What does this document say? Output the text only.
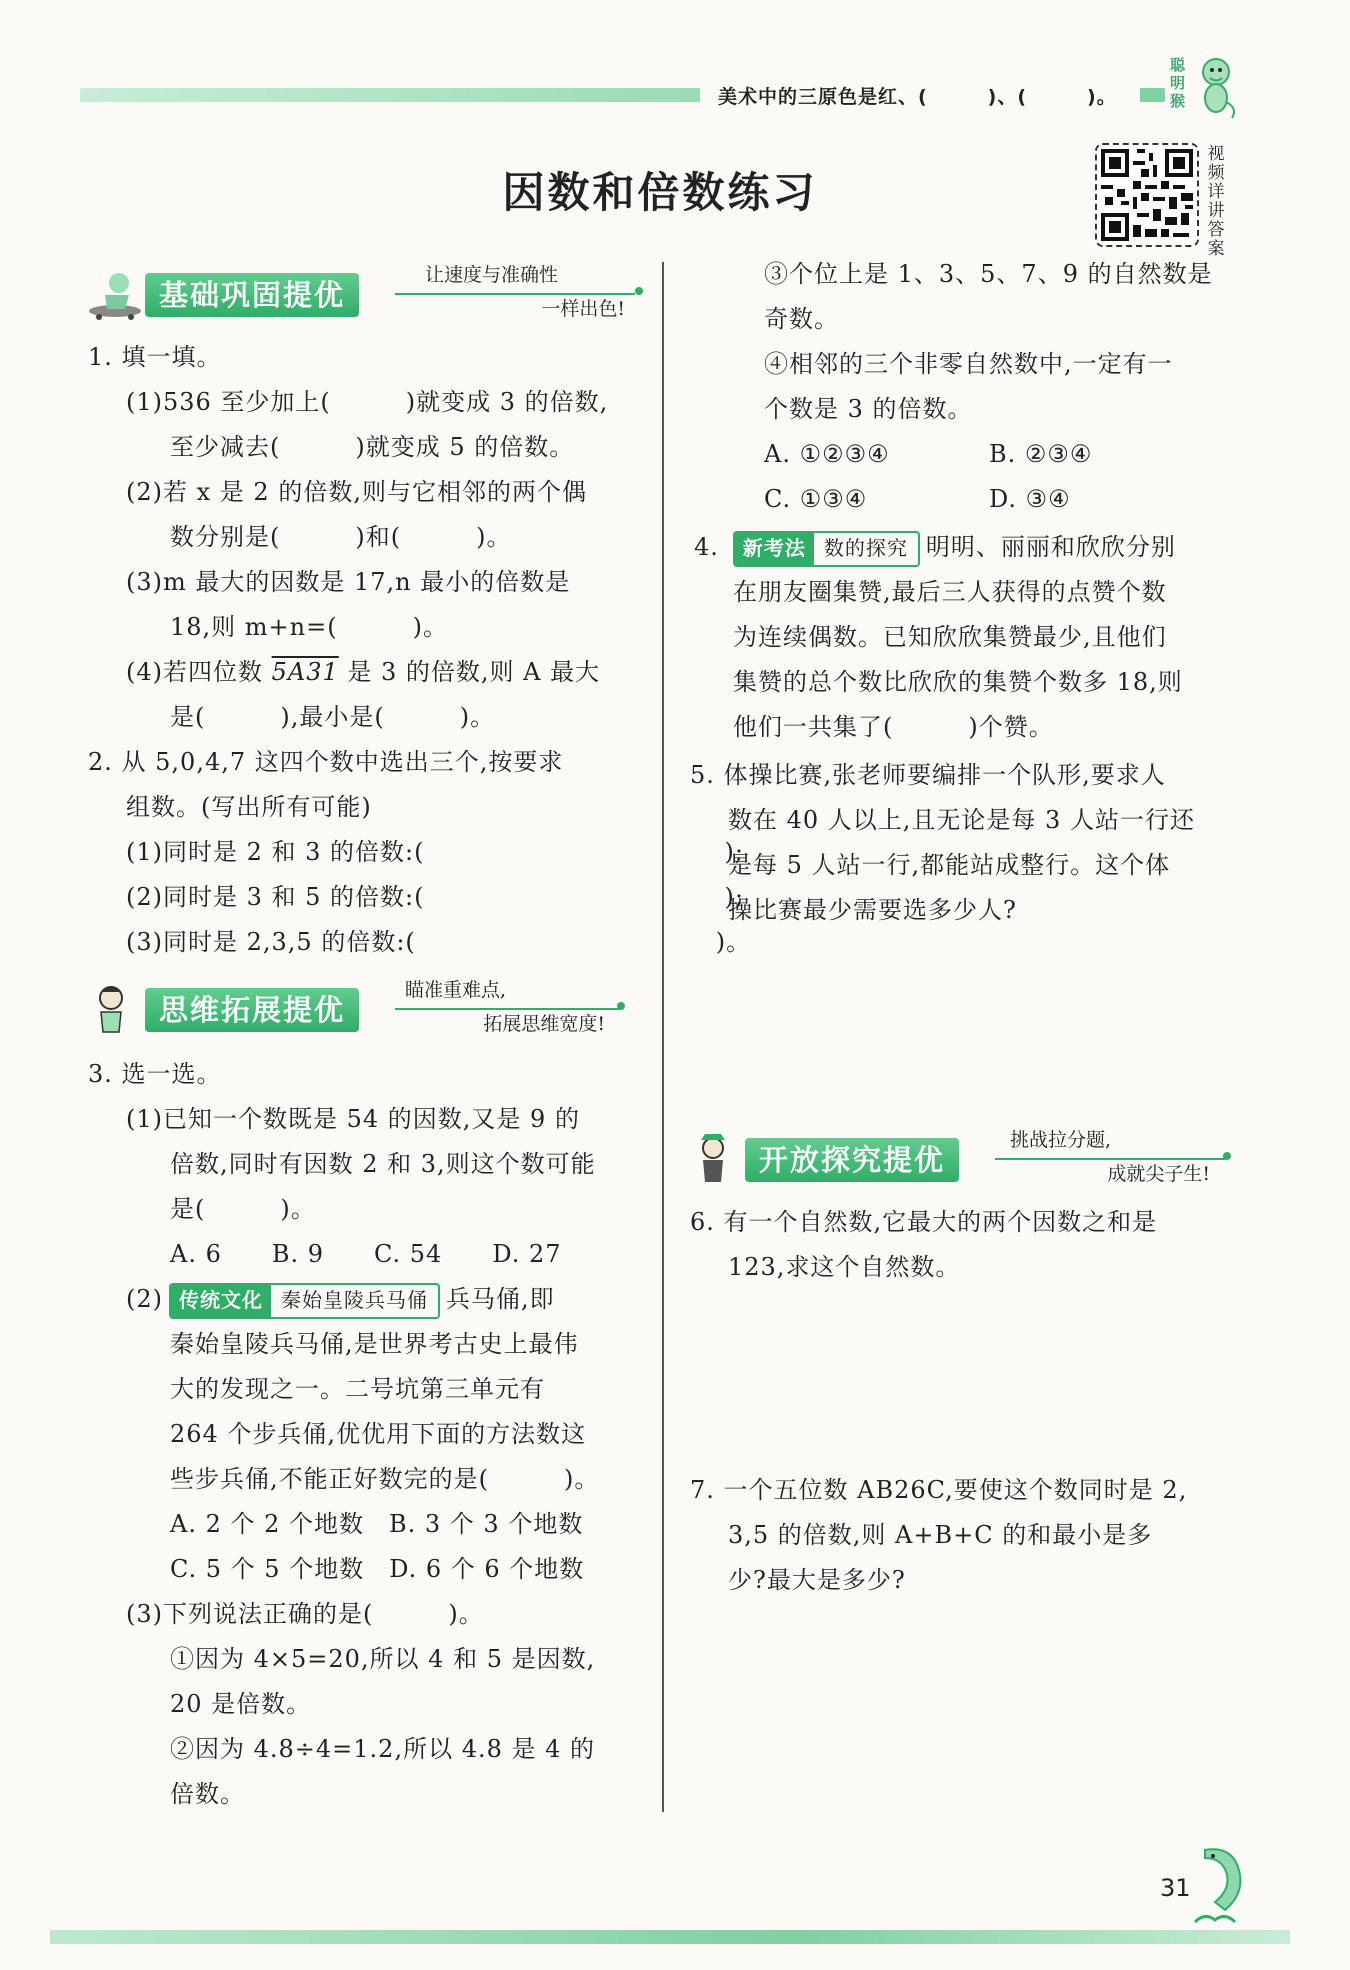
美术中的三原色是红、(　　　)、(　　　)。
聪明猴
因数和倍数练习
视频详讲答案
基础巩固提优
让速度与准确性
一样出色!
1. 填一填。
(1)536 至少加上(　　　)就变成 3 的倍数,
至少减去(　　　)就变成 5 的倍数。
(2)若 x 是 2 的倍数,则与它相邻的两个偶
数分别是(　　　)和(　　　)。
(3)m 最大的因数是 17,n 最小的倍数是
18,则 m+n=(　　　)。
(4)若四位数 5A31 是 3 的倍数,则 A 最大
是(　　　),最小是(　　　)。
2. 从 5,0,4,7 这四个数中选出三个,按要求
组数。(写出所有可能)
(1)同时是 2 和 3 的倍数:(　　　　　　　　　　　　);
(2)同时是 3 和 5 的倍数:(　　　　　　　　　　　　);
(3)同时是 2,3,5 的倍数:(　　　　　　　　　　　　)。
思维拓展提优
瞄准重难点,
拓展思维宽度!
3. 选一选。
(1)已知一个数既是 54 的因数,又是 9 的
倍数,同时有因数 2 和 3,则这个数可能
是(　　　)。
A. 6　　B. 9　　C. 54　　D. 27
(2) 传统文化 秦始皇陵兵马俑 兵马俑,即
秦始皇陵兵马俑,是世界考古史上最伟
大的发现之一。二号坑第三单元有
264 个步兵俑,优优用下面的方法数这
些步兵俑,不能正好数完的是(　　　)。
A. 2 个 2 个地数　B. 3 个 3 个地数
C. 5 个 5 个地数　D. 6 个 6 个地数
(3)下列说法正确的是(　　　)。
①因为 4×5=20,所以 4 和 5 是因数,
20 是倍数。
②因为 4.8÷4=1.2,所以 4.8 是 4 的
倍数。
③个位上是 1、3、5、7、9 的自然数是
奇数。
④相邻的三个非零自然数中,一定有一
个数是 3 的倍数。
A. ①②③④	B. ②③④
C. ①③④	D. ③④
4. 新考法 数的探究 明明、丽丽和欣欣分别
在朋友圈集赞,最后三人获得的点赞个数
为连续偶数。已知欣欣集赞最少,且他们
集赞的总个数比欣欣的集赞个数多 18,则
他们一共集了(　　　)个赞。
5. 体操比赛,张老师要编排一个队形,要求人
数在 40 人以上,且无论是每 3 人站一行还
是每 5 人站一行,都能站成整行。这个体
操比赛最少需要选多少人?
开放探究提优
挑战拉分题,
成就尖子生!
6. 有一个自然数,它最大的两个因数之和是
123,求这个自然数。
7. 一个五位数 AB26C,要使这个数同时是 2,
3,5 的倍数,则 A+B+C 的和最小是多
少?最大是多少?
31
